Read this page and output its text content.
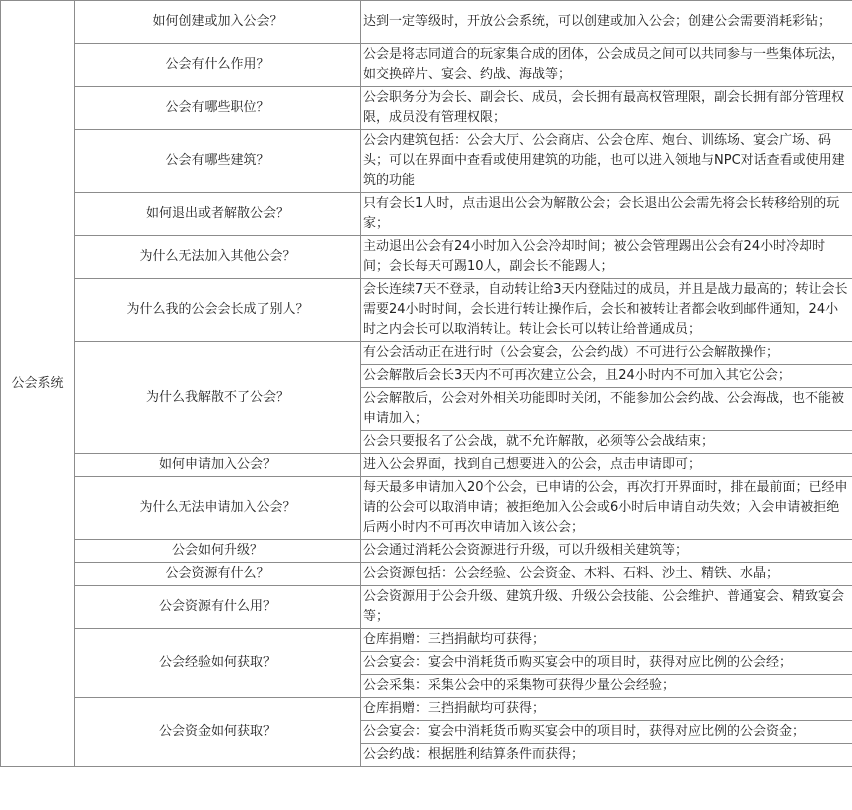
公会系统	如何创建或加入公会？	达到一定等级时，开放公会系统，可以创建或加入公会；创建公会需要消耗彩钻；
	公会有什么作用？	公会是将志同道合的玩家集合成的团体，公会成员之间可以共同参与一些集体玩法，如交换碎片、宴会、约战、海战等；
	公会有哪些职位？	公会职务分为会长、副会长、成员，会长拥有最高权管理限，副会长拥有部分管理权限，成员没有管理权限；
	公会有哪些建筑？	公会内建筑包括：公会大厅、公会商店、公会仓库、炮台、训练场、宴会广场、码头；可以在界面中查看或使用建筑的功能，也可以进入领地与NPC对话查看或使用建筑的功能
	如何退出或者解散公会？	只有会长1人时，点击退出公会为解散公会；会长退出公会需先将会长转移给别的玩家；
	为什么无法加入其他公会？	主动退出公会有24小时加入公会冷却时间；被公会管理踢出公会有24小时冷却时间；会长每天可踢10人，副会长不能踢人；
	为什么我的公会会长成了别人？	会长连续7天不登录，自动转让给3天内登陆过的成员，并且是战力最高的；转让会长需要24小时时间，会长进行转让操作后，会长和被转让者都会收到邮件通知，24小时之内会长可以取消转让。转让会长可以转让给普通成员；
	为什么我解散不了公会？	有公会活动正在进行时（公会宴会，公会约战）不可进行公会解散操作；
		公会解散后会长3天内不可再次建立公会，且24小时内不可加入其它公会；
		公会解散后，公会对外相关功能即时关闭，不能参加公会约战、公会海战，也不能被申请加入；
		公会只要报名了公会战，就不允许解散，必须等公会战结束；
	如何申请加入公会？	进入公会界面，找到自己想要进入的公会，点击申请即可；
	为什么无法申请加入公会？	每天最多申请加入20个公会，已申请的公会，再次打开界面时，排在最前面；已经申请的公会可以取消申请；被拒绝加入公会或6小时后申请自动失效；入会申请被拒绝后两小时内不可再次申请加入该公会；
	公会如何升级？	公会通过消耗公会资源进行升级，可以升级相关建筑等；
	公会资源有什么？	公会资源包括：公会经验、公会资金、木料、石料、沙土、精铁、水晶；
	公会资源有什么用？	公会资源用于公会升级、建筑升级、升级公会技能、公会维护、普通宴会、精致宴会等；
	公会经验如何获取？	仓库捐赠：三挡捐献均可获得；
		公会宴会：宴会中消耗货币购买宴会中的项目时，获得对应比例的公会经；
		公会采集：采集公会中的采集物可获得少量公会经验；
	公会资金如何获取？	仓库捐赠：三挡捐献均可获得；
		公会宴会：宴会中消耗货币购买宴会中的项目时，获得对应比例的公会资金；
		公会约战：根据胜利结算条件而获得；
